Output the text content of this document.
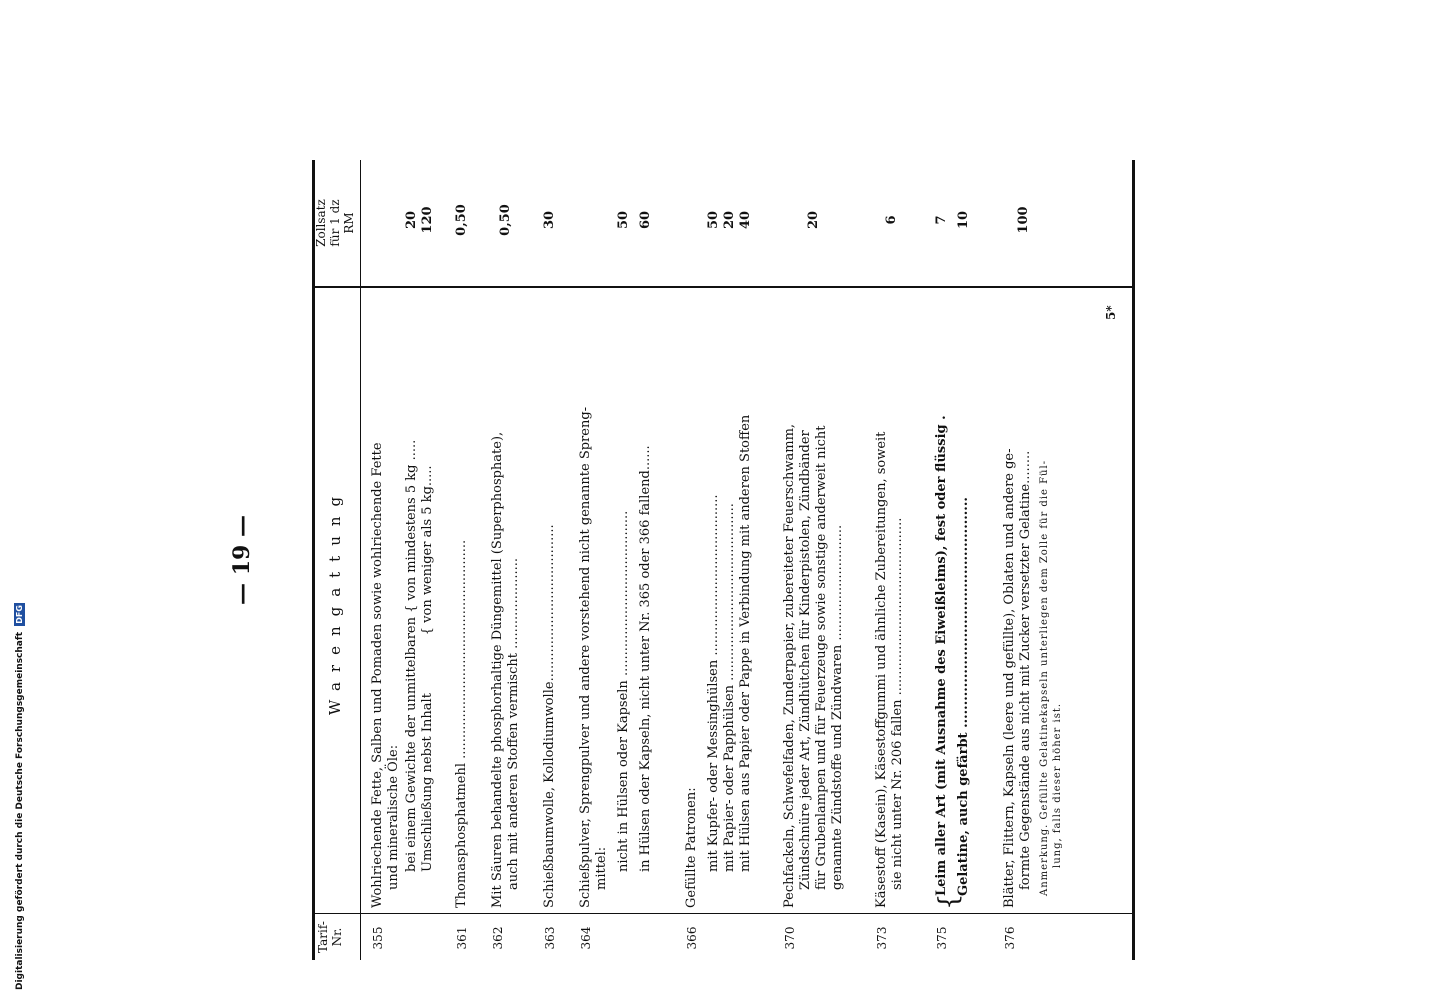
— 19 —
Tarif-
Nr.
Warengattung
Zollsatz
für 1 dz
RM
355
Wohlriechende Fette, Salben und Pomaden sowie wohlriechende Fette und mineralische Öle: bei einem Gewichte der unmittelbaren { von mindestens 5 kg ..... Umschließung nebst Inhalt              { von weniger als 5 kg.....
20 120
361
Thomasphosphatmehl .....................................................
0,50
362
Mit Säuren behandelte phosphorhaltige Düngemittel (Superphosphate), auch mit anderen Stoffen vermischt ......................
0,50
363
Schießbaumwolle, Kollodiumwolle......................................
30
364
Schießpulver, Sprengpulver und andere vorstehend nicht genannte Spreng- mittel: nicht in Hülsen oder Kapseln ........................................ in Hülsen oder Kapseln, nicht unter Nr. 365 oder 366 fallend......
50 60
366
Gefüllte Patronen: mit Kupfer- oder Messinghülsen ....................................... mit Papier- oder Papphülsen ........................................... mit Hülsen aus Papier oder Pappe in Verbindung mit anderen Stoffen
50 20 40
370
Pechfackeln, Schwefelfaden, Zunderpapier, zubereiteter Feuerschwamm, Zündschnüre jeder Art, Zündhütchen für Kinderpistolen, Zündbänder für Grubenlampen und für Feuerzeuge sowie sonstige anderweit nicht genannte Zündstoffe und Zündwaren ............................
20
373
Käsestoff (Kasein), Käsestoffgummi und ähnliche Zubereitungen, soweit sie nicht unter Nr. 206 fallen ...........................................
6
375
{
Leim aller Art (mit Ausnahme des Eiweißleims), fest oder flüssig . Gelatine, auch gefärbt ...................................................
7 10
376
Blätter, Flittern, Kapseln (leere und gefüllte), Oblaten und andere ge- formte Gegenstände aus nicht mit Zucker versetzter Gelatine........ Anmerkung. Gefüllte Gelatinekapseln unterliegen dem Zolle für die Fül- lung, falls dieser höher ist.
100
5*
Digitalisierung gefördert durch die Deutsche Forschungsgemeinschaft DFG
